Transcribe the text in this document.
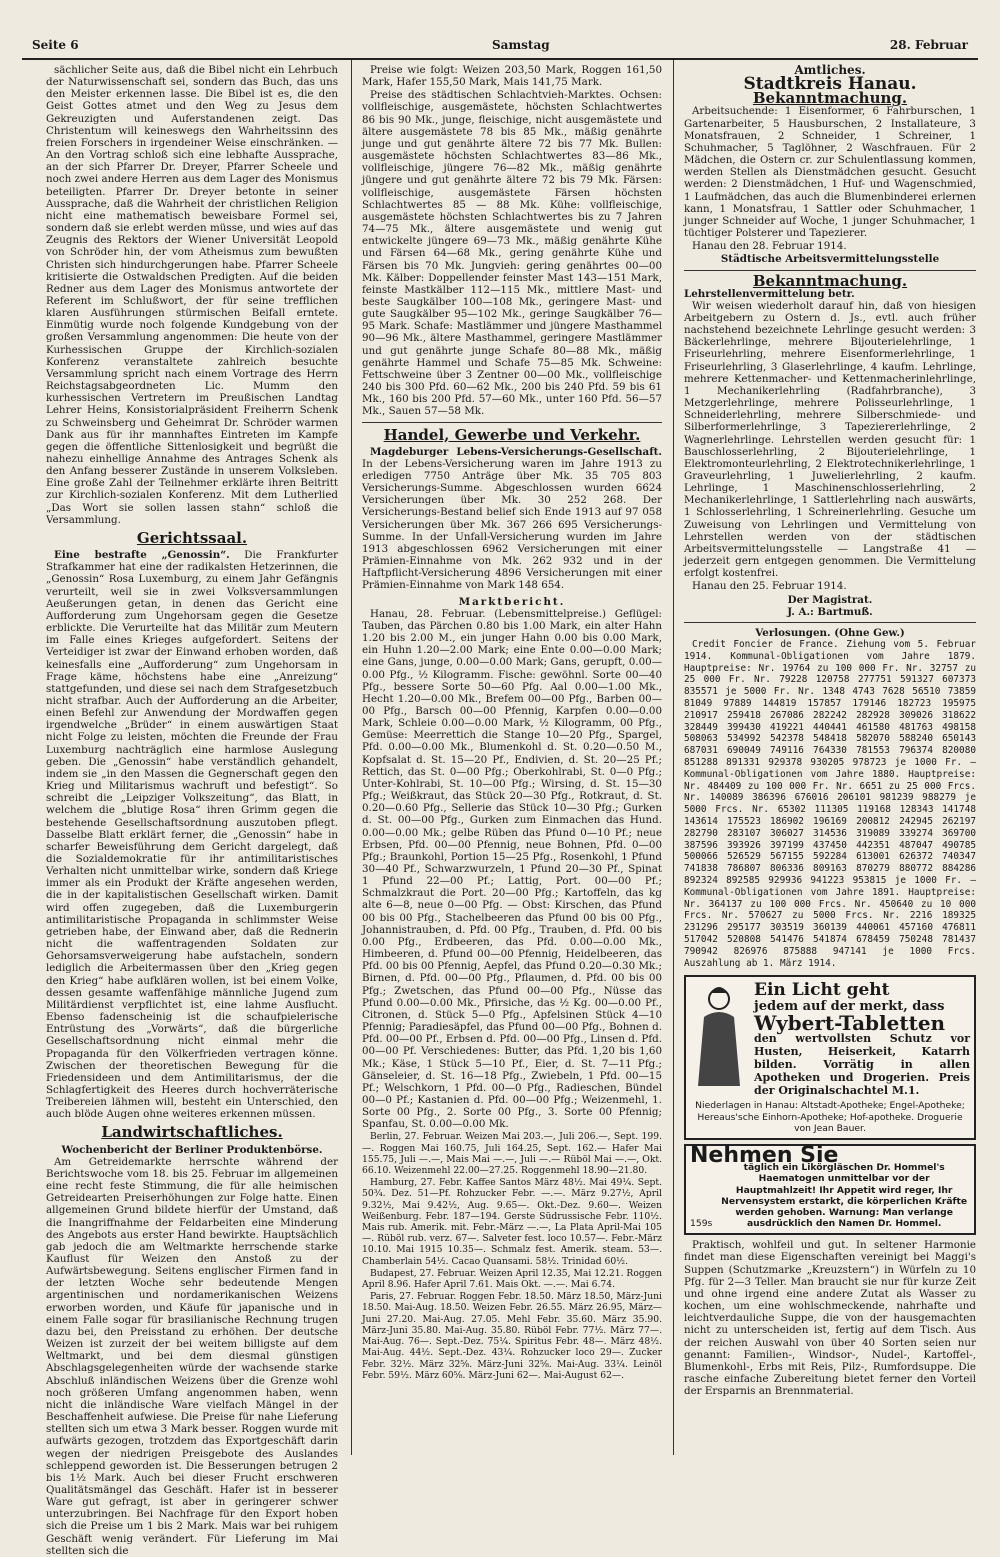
Seite 6	Samstag	28. Februar

sächlicher Seite aus, daß die Bibel nicht ein Lehrbuch der Naturwissenschaft sei, sondern das Buch, das uns den Meister erkennen lasse. Die Bibel ist es, die den Geist Gottes atmet und den Weg zu Jesus dem Gekreuzigten und Auferstandenen zeigt. Das Christentum will keineswegs den Wahrheitssinn des freien Forschers in irgendeiner Weise einschränken. — An den Vortrag schloß sich eine lebhafte Aussprache, an der sich Pfarrer Dr. Dreyer, Pfarrer Scheele und noch zwei andere Herren aus dem Lager des Monismus beteiligten. Pfarrer Dr. Dreyer betonte in seiner Aussprache, daß die Wahrheit der christlichen Religion nicht eine mathematisch beweisbare Formel sei, sondern daß sie erlebt werden müsse, und wies auf das Zeugnis des Rektors der Wiener Universität Leopold von Schröder hin, der vom Atheismus zum bewußten Christen sich hindurchgerungen habe. Pfarrer Scheele kritisierte die Ostwaldschen Predigten. Auf die beiden Redner aus dem Lager des Monismus antwortete der Referent im Schlußwort, der für seine trefflichen klaren Ausführungen stürmischen Beifall erntete. Einmütig wurde noch folgende Kundgebung von der großen Versammlung angenommen: Die heute von der Kurhessischen Gruppe der Kirchlich-sozialen Konferenz veranstaltete zahlreich besuchte Versammlung spricht nach einem Vortrage des Herrn Reichstagsabgeordneten Lic. Mumm den kurhessischen Vertretern im Preußischen Landtag Lehrer Heins, Konsistorialpräsident Freiherrn Schenk zu Schweinsberg und Geheimrat Dr. Schröder warmen Dank aus für ihr mannhaftes Eintreten im Kampfe gegen die öffentliche Sittenlosigkeit und begrüßt die nahezu einhellige Annahme des Antrages Schenk als den Anfang besserer Zustände in unserem Volksleben. Eine große Zahl der Teilnehmer erklärte ihren Beitritt zur Kirchlich-sozialen Konferenz. Mit dem Lutherlied „Das Wort sie sollen lassen stahn“ schloß die Versammlung.

Gerichtssaal.

Eine bestrafte „Genossin“. Die Frankfurter Strafkammer hat eine der radikalsten Hetzerinnen, die „Genossin“ Rosa Luxemburg, zu einem Jahr Gefängnis verurteilt, weil sie in zwei Volksversammlungen Aeußerungen getan, in denen das Gericht eine Aufforderung zum Ungehorsam gegen die Gesetze erblickte. Die Verurteilte hat das Militär zum Meutern im Falle eines Krieges aufgefordert. Seitens der Verteidiger ist zwar der Einwand erhoben worden, daß keinesfalls eine „Aufforderung“ zum Ungehorsam in Frage käme, höchstens habe eine „Anreizung“ stattgefunden, und diese sei nach dem Strafgesetzbuch nicht strafbar. Auch der Aufforderung an die Arbeiter, einen Befehl zur Anwendung der Mordwaffen gegen irgendwelche „Brüder“ in einem auswärtigen Staat nicht Folge zu leisten, möchten die Freunde der Frau Luxemburg nachträglich eine harmlose Auslegung geben. Die „Genossin“ habe verständlich gehandelt, indem sie „in den Massen die Gegnerschaft gegen den Krieg und Militarismus wachruft und befestigt“. So schreibt die „Leipziger Volkszeitung“, das Blatt, in welchem die „blutige Rosa“ ihren Grimm gegen die bestehende Gesellschaftsordnung auszutoben pflegt. Dasselbe Blatt erklärt ferner, die „Genossin“ habe in scharfer Beweisführung dem Gericht dargelegt, daß die Sozialdemokratie für ihr antimilitaristisches Verhalten nicht unmittelbar wirke, sondern daß Kriege immer als ein Produkt der Kräfte angesehen werden, die in der kapitalistischen Gesellschaft wirken. Damit wird offen zugegeben, daß die Luxemburgerin antimilitaristische Propaganda in schlimmster Weise getrieben habe, der Einwand aber, daß die Rednerin nicht die waffentragenden Soldaten zur Gehorsamsverweigerung habe aufstacheln, sondern lediglich die Arbeitermassen über den „Krieg gegen den Krieg“ habe aufklären wollen, ist bei einem Volke, dessen gesamte waffenfähige männliche Jugend zum Militärdienst verpflichtet ist, eine lahme Ausflucht. Ebenso fadenscheinig ist die schaufpielerische Entrüstung des „Vorwärts“, daß die bürgerliche Gesellschaftsordnung nicht einmal mehr die Propaganda für den Völkerfrieden vertragen könne. Zwischen der theoretischen Bewegung für die Friedensideen und dem Antimilitarismus, der die Schlagfertigkeit des Heeres durch hochverräterische Treibereien lähmen will, besteht ein Unterschied, den auch blöde Augen ohne weiteres erkennen müssen.

Landwirtschaftliches.
Wochenbericht der Berliner Produktenbörse.

Am Getreidemarkte herrschte während der Berichtswoche vom 18. bis 25. Februar im allgemeinen eine recht feste Stimmung, die für alle heimischen Getreidearten Preiserhöhungen zur Folge hatte. Einen allgemeinen Grund bildete hierfür der Umstand, daß die Inangriffnahme der Feldarbeiten eine Minderung des Angebots aus erster Hand bewirkte. Hauptsächlich gab jedoch die am Weltmarkte herrschende starke Kauflust für Weizen den Anstoß zu der Aufwärtsbewegung. Seitens englischer Firmen fand in der letzten Woche sehr bedeutende Mengen argentinischen und nordamerikanischen Weizens erworben worden, und Käufe für japanische und in einem Falle sogar für brasilianische Rechnung trugen dazu bei, den Preisstand zu erhöhen. Der deutsche Weizen ist zurzeit der bei weitem billigste auf dem Weltmarkt, und bei dem diesmal günstigen Abschlagsgelegenheiten würde der wachsende starke Abschluß inländischen Weizens über die Grenze wohl noch größeren Umfang angenommen haben, wenn nicht die inländische Ware vielfach Mängel in der Beschaffenheit aufwiese. Die Preise für nahe Lieferung stellten sich um etwa 3 Mark besser. Roggen wurde mit aufwärts gezogen, trotzdem das Exportgeschäft darin wegen der niedrigen Preisgebote des Auslandes schleppend geworden ist. Die Besserungen betrugen 2 bis 1½ Mark. Auch bei dieser Frucht erschweren Qualitätsmängel das Geschäft. Hafer ist in besserer Ware gut gefragt, ist aber in geringerer schwer unterzubringen. Bei Nachfrage für den Export hoben sich die Preise um 1 bis 2 Mark. Mais war bei ruhigem Geschäft wenig verändert. Für Lieferung im Mai stellten sich die

Preise wie folgt: Weizen 203,50 Mark, Roggen 161,50 Mark, Hafer 155,50 Mark, Mais 141,75 Mark.

Preise des städtischen Schlachtvieh-Marktes. Ochsen: vollfleischige, ausgemästete, höchsten Schlachtwertes 86 bis 90 Mk., junge, fleischige, nicht ausgemästete und ältere ausgemästete 78 bis 85 Mk., mäßig genährte junge und gut genährte ältere 72 bis 77 Mk. Bullen: ausgemästete höchsten Schlachtwertes 83—86 Mk., vollfleischige, jüngere 76—82 Mk., mäßig genährte jüngere und gut genährte ältere 72 bis 79 Mk. Färsen: vollfleischige, ausgemästete Färsen höchsten Schlachtwertes 85 — 88 Mk. Kühe: vollfleischige, ausgemästete höchsten Schlachtwertes bis zu 7 Jahren 74—75 Mk., ältere ausgemästete und wenig gut entwickelte jüngere 69—73 Mk., mäßig genährte Kühe und Färsen 64—68 Mk., gering genährte Kühe und Färsen bis 70 Mk. Jungvieh: gering genährtes 00—00 Mk. Kälber: Doppellender feinster Mast 143—151 Mark, feinste Mastkälber 112—115 Mk., mittlere Mast- und beste Saugkälber 100—108 Mk., geringere Mast- und gute Saugkälber 95—102 Mk., geringe Saugkälber 76—95 Mark. Schafe: Mastlämmer und jüngere Masthammel 90—96 Mk., ältere Masthammel, geringere Mastlämmer und gut genährte junge Schafe 80—88 Mk., mäßig genährte Hammel und Schafe 75—85 Mk. Schweine: Fettschweine über 3 Zentner 00—00 Mk., vollfleischige 240 bis 300 Pfd. 60—62 Mk., 200 bis 240 Pfd. 59 bis 61 Mk., 160 bis 200 Pfd. 57—60 Mk., unter 160 Pfd. 56—57 Mk., Sauen 57—58 Mk.

Handel, Gewerbe und Verkehr.

Magdeburger Lebens-Versicherungs-Gesellschaft. In der Lebens-Versicherung waren im Jahre 1913 zu erledigen 7750 Anträge über Mk. 35 705 803 Versicherungs-Summe. Abgeschlossen wurden 6624 Versicherungen über Mk. 30 252 268. Der Versicherungs-Bestand belief sich Ende 1913 auf 97 058 Versicherungen über Mk. 367 266 695 Versicherungs-Summe. In der Unfall-Versicherung wurden im Jahre 1913 abgeschlossen 6962 Versicherungen mit einer Prämien-Einnahme von Mk. 262 932 und in der Haftpflicht-Versicherung 4896 Versicherungen mit einer Prämien-Einnahme von Mark 148 654.

Marktbericht.

Hanau, 28. Februar. (Lebensmittelpreise.) Geflügel: Tauben, das Pärchen 0.80 bis 1.00 Mark, ein alter Hahn 1.20 bis 2.00 M., ein junger Hahn 0.00 bis 0.00 Mark, ein Huhn 1.20—2.00 Mark; eine Ente 0.00—0.00 Mark; eine Gans, junge, 0.00—0.00 Mark; Gans, gerupft, 0.00—0.00 Pfg., ½ Kilogramm. Fische: gewöhnl. Sorte 00—40 Pfg., bessere Sorte 50—60 Pfg. Aal 0.00—1.00 Mk., Hecht 1.20—0.00 Mk., Brefem 00—00 Pfg., Barben 00—00 Pfg., Barsch 00—00 Pfennig, Karpfen 0.00—0.00 Mark, Schleie 0.00—0.00 Mark, ½ Kilogramm, 00 Pfg., Gemüse: Meerrettich die Stange 10—20 Pfg., Spargel, Pfd. 0.00—0.00 Mk., Blumenkohl d. St. 0.20—0.50 M., Kopfsalat d. St. 15—20 Pf., Endivien, d. St. 20—25 Pf.; Rettich, das St. 0—00 Pfg.; Oberkohlrabi, St. 0—0 Pfg.; Unter-Kohlrabi, St. 10—00 Pfg.; Wirsing, d. St. 15—30 Pfg.; Weißkraut, das Stück 20—30 Pfg., Rotkraut, d. St. 0.20—0.60 Pfg., Sellerie das Stück 10—30 Pfg.; Gurken d. St. 00—00 Pfg., Gurken zum Einmachen das Hund. 0.00—0.00 Mk.; gelbe Rüben das Pfund 0—10 Pf.; neue Erbsen, Pfd. 00—00 Pfennig, neue Bohnen, Pfd. 0—00 Pfg.; Braunkohl, Portion 15—25 Pfg., Rosenkohl, 1 Pfund 30—40 Pf., Schwarzwurzeln, 1 Pfund 20—30 Pf., Spinat 1 Pfund 22—00 Pf.; Lattig, Port. 00—00 Pf.; Schmalzkraut die Port. 20—00 Pfg.; Kartoffeln, das kg alte 6—8, neue 0—00 Pfg. — Obst: Kirschen, das Pfund 00 bis 00 Pfg., Stachelbeeren das Pfund 00 bis 00 Pfg., Johannistrauben, d. Pfd. 00 Pfg., Trauben, d. Pfd. 00 bis 0.00 Pfg., Erdbeeren, das Pfd. 0.00—0.00 Mk., Himbeeren, d. Pfund 00—00 Pfennig, Heidelbeeren, das Pfd. 00 bis 00 Pfennig, Aepfel, das Pfund 0.20—0.30 Mk.; Birnen, d. Pfd. 00—00 Pfg., Pflaumen, d. Pfd. 00 bis 00 Pfg.; Zwetschen, das Pfund 00—00 Pfg., Nüsse das Pfund 0.00—0.00 Mk., Pfirsiche, das ½ Kg. 00—0.00 Pf., Citronen, d. Stück 5—0 Pfg., Apfelsinen Stück 4—10 Pfennig; Paradiesäpfel, das Pfund 00—00 Pfg., Bohnen d. Pfd. 00—00 Pf., Erbsen d. Pfd. 00—00 Pfg., Linsen d. Pfd. 00—00 Pf. Verschiedenes: Butter, das Pfd. 1,20 bis 1,60 Mk.; Käse, 1 Stück 5—10 Pf., Eier, d. St. 7—11 Pfg.; Gänseleier, d. St. 16—18 Pfg., Zwiebeln, 1 Pfd. 00—15 Pf.; Welschkorn, 1 Pfd. 00—0 Pfg., Radieschen, Bündel 00—0 Pf.; Kastanien d. Pfd. 00—00 Pfg.; Weizenmehl, 1. Sorte 00 Pfg., 2. Sorte 00 Pfg., 3. Sorte 00 Pfennig; Spanfau, St. 0.00—0.00 Mk.

Berlin, 27. Februar. Weizen Mai 203.—, Juli 206.—, Sept. 199.—. Roggen Mai 160.75, Juli 164.25, Sept. 162.— Hafer Mai 155.75, Juli —.—, Mais Mai —.—, Juli —.— Rüböl Mai —.—, Okt. 66.10. Weizenmehl 22.00—27.25. Roggenmehl 18.90—21.80.

Hamburg, 27. Febr. Kaffee Santos März 48½. Mai 49¼. Sept. 50¾. Dez. 51—Pf. Rohzucker Febr. —.—. März 9.27½, April 9.32½, Mai 9.42½, Aug. 9.65—. Okt.-Dez. 9.60—. Weizen Weißenburg. Febr. 187—194. Gerste Südrussische Febr. 110½. Mais rub. Amerik. mit. Febr.-März —.—, La Plata April-Mai 105—. Rüböl rub. verz. 67—. Salveter fest. loco 10.57—. Febr.-März 10.10. Mai 1915 10.35—. Schmalz fest. Amerik. steam. 53—. Chamberlain 54½. Cacao Quansami. 58½. Trinidad 60½.

Budapest, 27. Februar. Weizen April 12.35, Mai 12.21. Roggen April 8.96. Hafer April 7.61. Mais Okt. —.—. Mai 6.74.

Paris, 27. Februar. Roggen Febr. 18.50. März 18.50, März-Juni 18.50. Mai-Aug. 18.50. Weizen Febr. 26.55. März 26.95, März—Juni 27.20. Mai-Aug. 27.05. Mehl Febr. 35.60. März 35.90. März-Juni 35.80. Mai-Aug. 35.80. Rüböl Febr. 77½. März 77—. Mai-Aug. 76—. Sept.-Dez. 75¼. Spiritus Febr. 48—. März 48½. Mai-Aug. 44½. Sept.-Dez. 43¼. Rohzucker loco 29—. Zucker Febr. 32½. März 32⅝. März-Juni 32⅝. Mai-Aug. 33¼. Leinöl Febr. 59½. März 60⅝. März-Juni 62—. Mai-August 62—.

Amtliches.
Stadtkreis Hanau.
Bekanntmachung.

Arbeitsuchende: 1 Eisenformer, 6 Fahrburschen, 1 Gartenarbeiter, 5 Hausburschen, 2 Installateure, 3 Monatsfrauen, 2 Schneider, 1 Schreiner, 1 Schuhmacher, 5 Taglöhner, 2 Waschfrauen. Für 2 Mädchen, die Ostern cr. zur Schulentlassung kommen, werden Stellen als Dienstmädchen gesucht. Gesucht werden: 2 Dienstmädchen, 1 Huf- und Wagenschmied, 1 Laufmädchen, das auch die Blumenbinderei erlernen kann, 1 Monatsfrau, 1 Sattler oder Schuhmacher, 1 junger Schneider auf Woche, 1 junger Schuhmacher, 1 tüchtiger Polsterer und Tapezierer.

Hanau den 28. Februar 1914.

Städtische Arbeitsvermittelungsstelle
Bekanntmachung.
Lehrstellenvermittelung betr.

Wir weisen wiederholt darauf hin, daß von hiesigen Arbeitgebern zu Ostern d. Js., evtl. auch früher nachstehend bezeichnete Lehrlinge gesucht werden: 3 Bäckerlehrlinge, mehrere Bijouterielehrlinge, 1 Friseurlehrling, mehrere Eisenformerlehrlinge, 1 Friseurlehrling, 3 Glaserlehrlinge, 4 kaufm. Lehrlinge, mehrere Kettenmacher- und Kettenmacherinlehrlinge, 1 Mechanikerlehrling (Radfahrbranche), 3 Metzgerlehrlinge, mehrere Polisseurlehrlinge, 1 Schneiderlehrling, mehrere Silberschmiede- und Silberformerlehrlinge, 3 Tapeziererlehrlinge, 2 Wagnerlehrlinge. Lehrstellen werden gesucht für: 1 Bauschlosserlehrling, 2 Bijouterielehrlinge, 1 Elektromonteurlehrling, 2 Elektrotechnikerlehrlinge, 1 Graveurlehrling, 1 Juwelierlehrling, 2 kaufm. Lehrlinge, 1 Maschinenschlosserlehrling, 2 Mechanikerlehrlinge, 1 Sattlerlehrling nach auswärts, 1 Schlosserlehrling, 1 Schreinerlehrling. Gesuche um Zuweisung von Lehrlingen und Vermittelung von Lehrstellen werden von der städtischen Arbeitsvermittelungsstelle — Langstraße 41 — jederzeit gern entgegen genommen. Die Vermittelung erfolgt kostenfrei.

Hanau den 25. Februar 1914.

Der Magistrat.
J. A.: Bartmuß.
Verlosungen. (Ohne Gew.)

Credit Foncier de France. Ziehung vom 5. Februar 1914. Kommunal-Obligationen vom Jahre 1879. Hauptpreise: Nr. 19764 zu 100 000 Fr. Nr. 32757 zu 25 000 Fr. Nr. 79228 120758 277751 591327 607373 835571 je 5000 Fr. Nr. 1348 4743 7628 56510 73859 81049 97889 144819 157857 179146 182723 195975 210917 259418 267086 282242 282928 309026 318622 328449 399430 419221 440441 461580 481763 498158 508063 534992 542378 548418 582070 588240 650143 687031 690049 749116 764330 781553 796374 820080 851288 891331 929378 930205 978723 je 1000 Fr. — Kommunal-Obligationen vom Jahre 1880. Hauptpreise: Nr. 484409 zu 100 000 Fr. Nr. 6651 zu 25 000 Frcs. Nr. 140089 386396 676016 206101 981239 988279 je 5000 Frcs. Nr. 65302 111305 119168 128343 141748 143614 175523 186902 196169 200812 242945 262197 282790 283107 306027 314536 319089 339274 369700 387596 393926 397199 437450 442351 487047 490785 500066 526529 567155 592284 613001 626372 740347 741838 786807 806336 809163 870279 880772 884286 892324 892585 929936 941223 953815 je 1000 Fr. — Kommunal-Obligationen vom Jahre 1891. Hauptpreise: Nr. 364137 zu 100 000 Frcs. Nr. 450640 zu 10 000 Frcs. Nr. 570627 zu 5000 Frcs. Nr. 2216 189325 231296 295177 303519 360139 440061 457160 476811 517042 520808 541476 541874 678459 750248 781437 790942 826976 875888 947141 je 1000 Frcs. Auszahlung ab 1. März 1914.

Ein Licht geht
jedem auf der merkt, dass
Wybert-Tabletten
den wertvollsten Schutz vor Husten, Heiserkeit, Katarrh bilden. Vorrätig in allen Apotheken und Drogerien. Preis der Originalschachtel M.1.
Niederlagen in Hanau: Altstadt-Apotheke; Engel-Apotheke; Hereaus'sche Einhorn-Apotheke; Hof-apotheke. Droguerie von Jean Bauer.
Nehmen Sie
159s
täglich ein Likörgläschen Dr. Hommel's Haematogen unmittelbar vor der Hauptmahlzeit! Ihr Appetit wird reger, Ihr Nervensystem erstarkt, die körperlichen Kräfte werden gehoben. Warnung: Man verlange ausdrücklich den Namen Dr. Hommel.

Praktisch, wohlfeil und gut. In seltener Harmonie findet man diese Eigenschaften vereinigt bei Maggi's Suppen (Schutzmarke „Kreuzstern“) in Würfeln zu 10 Pfg. für 2—3 Teller. Man braucht sie nur für kurze Zeit und ohne irgend eine andere Zutat als Wasser zu kochen, um eine wohlschmeckende, nahrhafte und leichtverdauliche Suppe, die von der hausgemachten nicht zu unterscheiden ist, fertig auf dem Tisch. Aus der reichen Auswahl von über 40 Sorten seien nur genannt: Familien-, Windsor-, Nudel-, Kartoffel-, Blumenkohl-, Erbs mit Reis, Pilz-, Rumfordsuppe. Die rasche einfache Zubereitung bietet ferner den Vorteil der Ersparnis an Brennmaterial.
